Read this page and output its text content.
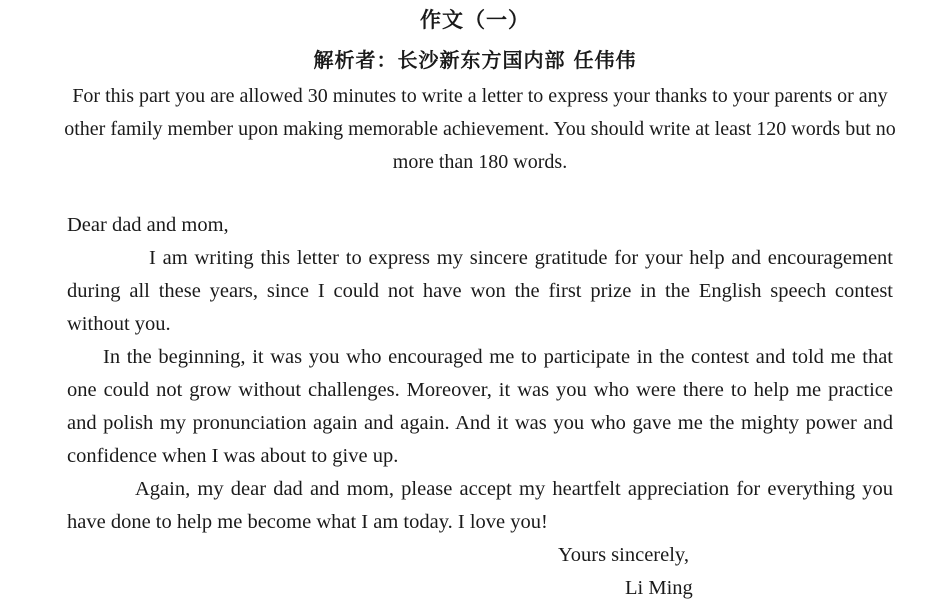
作文（一）
解析者：长沙新东方国内部 任伟伟
For this part you are allowed 30 minutes to write a letter to express your thanks to your parents or any other family member upon making memorable achievement. You should write at least 120 words but no more than 180 words.

Dear dad and mom,

I am writing this letter to express my sincere gratitude for your help and encouragement during all these years, since I could not have won the first prize in the English speech contest without you.

In the beginning, it was you who encouraged me to participate in the contest and told me that one could not grow without challenges. Moreover, it was you who were there to help me practice and polish my pronunciation again and again. And it was you who gave me the mighty power and confidence when I was about to give up.

Again, my dear dad and mom, please accept my heartfelt appreciation for everything you have done to help me become what I am today. I love you!

Yours sincerely,

Li Ming
